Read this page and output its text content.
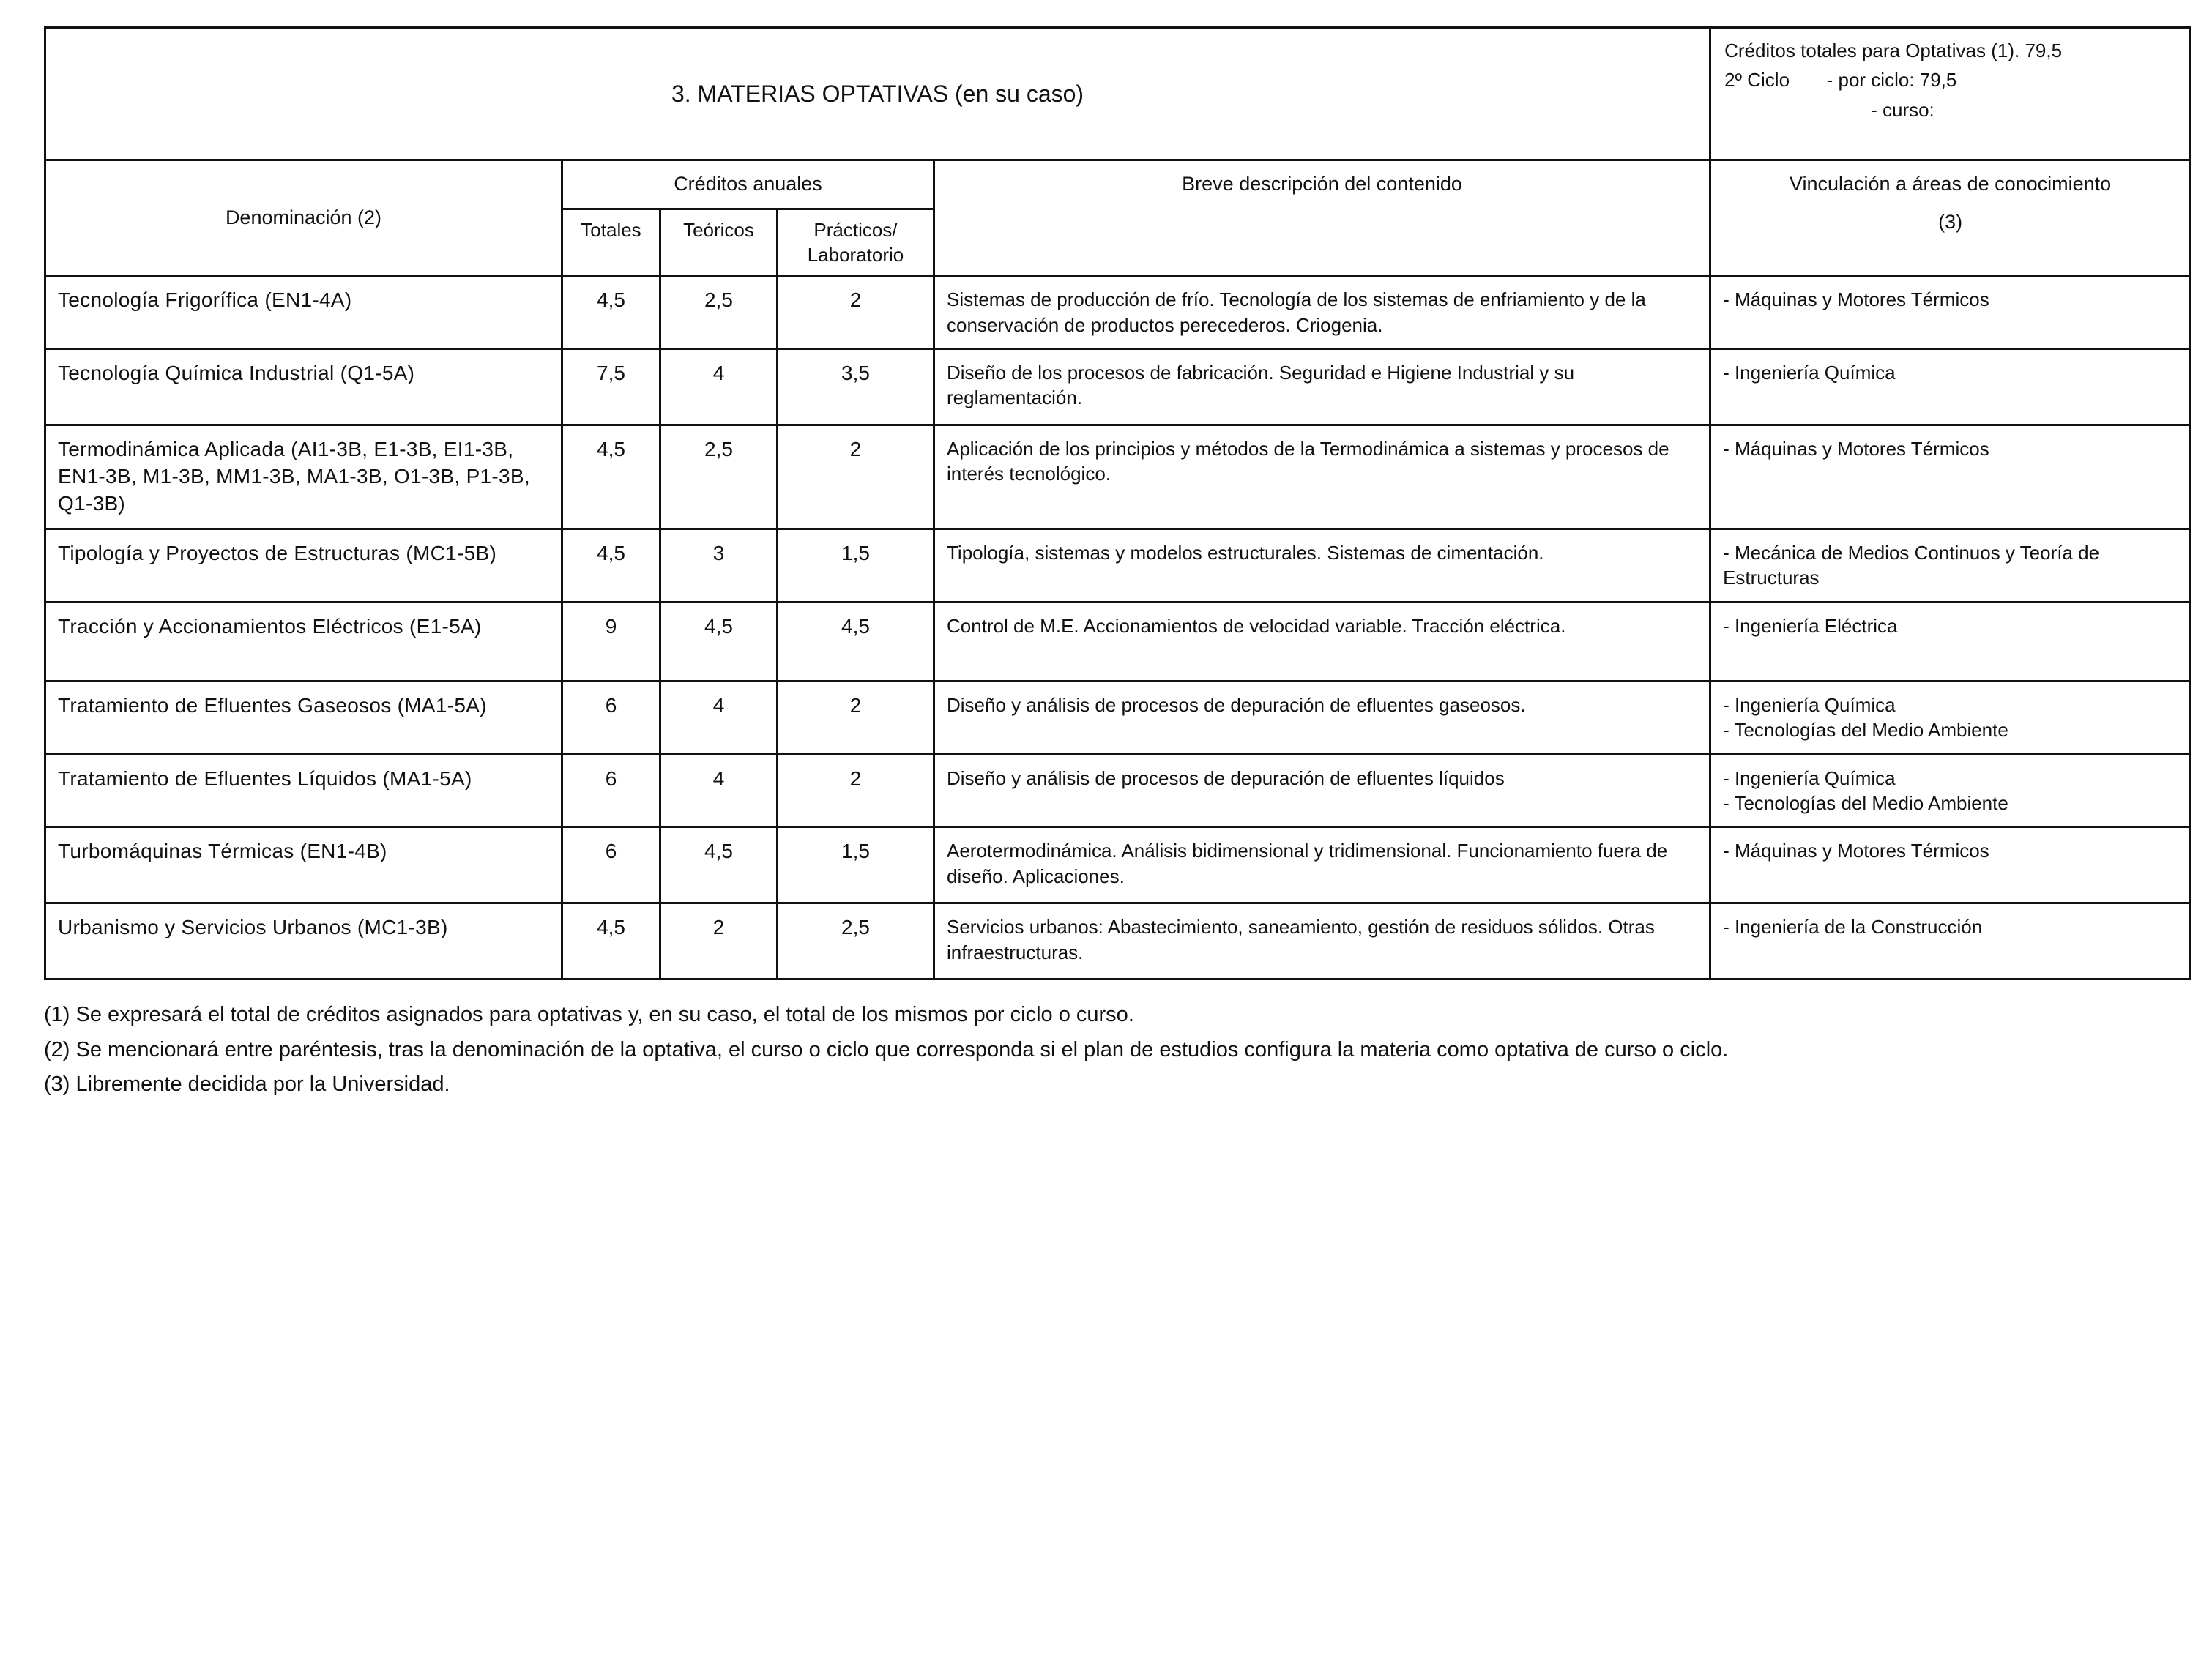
3. MATERIAS OPTATIVAS (en su caso)					Créditos totales para Optativas (1). 79,5
2º Ciclo - por ciclo: 79,5
- curso:

Denominación (2)	Créditos anuales			Breve descripción del contenido	Vinculación a áreas de conocimiento
(3)

	Totales	Teóricos	Prácticos/ Laboratorio		
Tecnología Frigorífica (EN1-4A)	4,5	2,5	2	Sistemas de producción de frío. Tecnología de los sistemas de enfriamiento y de la conservación de productos perecederos. Criogenia.	- Máquinas y Motores Térmicos
Tecnología Química Industrial (Q1-5A)	7,5	4	3,5	Diseño de los procesos de fabricación. Seguridad e Higiene Industrial y su reglamentación.	- Ingeniería Química
Termodinámica Aplicada (AI1-3B, E1-3B, EI1-3B, EN1-3B, M1-3B, MM1-3B, MA1-3B, O1-3B, P1-3B, Q1-3B)	4,5	2,5	2	Aplicación de los principios y métodos de la Termodinámica a sistemas y procesos de interés tecnológico.	- Máquinas y Motores Térmicos
Tipología y Proyectos de Estructuras (MC1-5B)	4,5	3	1,5	Tipología, sistemas y modelos estructurales. Sistemas de cimentación.	- Mecánica de Medios Continuos y Teoría de Estructuras
Tracción y Accionamientos Eléctricos (E1-5A)	9	4,5	4,5	Control de M.E. Accionamientos de velocidad variable. Tracción eléctrica.	- Ingeniería Eléctrica
Tratamiento de Efluentes Gaseosos (MA1-5A)	6	4	2	Diseño y análisis de procesos de depuración de efluentes gaseosos.	- Ingeniería Química
- Tecnologías del Medio Ambiente
Tratamiento de Efluentes Líquidos (MA1-5A)	6	4	2	Diseño y análisis de procesos de depuración de efluentes líquidos	- Ingeniería Química
- Tecnologías del Medio Ambiente
Turbomáquinas Térmicas (EN1-4B)	6	4,5	1,5	Aerotermodinámica. Análisis bidimensional y tridimensional. Funcionamiento fuera de diseño. Aplicaciones.	- Máquinas y Motores Térmicos
Urbanismo y Servicios Urbanos (MC1-3B)	4,5	2	2,5	Servicios urbanos: Abastecimiento, saneamiento, gestión de residuos sólidos. Otras infraestructuras.	- Ingeniería de la Construcción

(1) Se expresará el total de créditos asignados para optativas y, en su caso, el total de los mismos por ciclo o curso.

(2) Se mencionará entre paréntesis, tras la denominación de la optativa, el curso o ciclo que corresponda si el plan de estudios configura la materia como optativa de curso o ciclo.

(3) Libremente decidida por la Universidad.
